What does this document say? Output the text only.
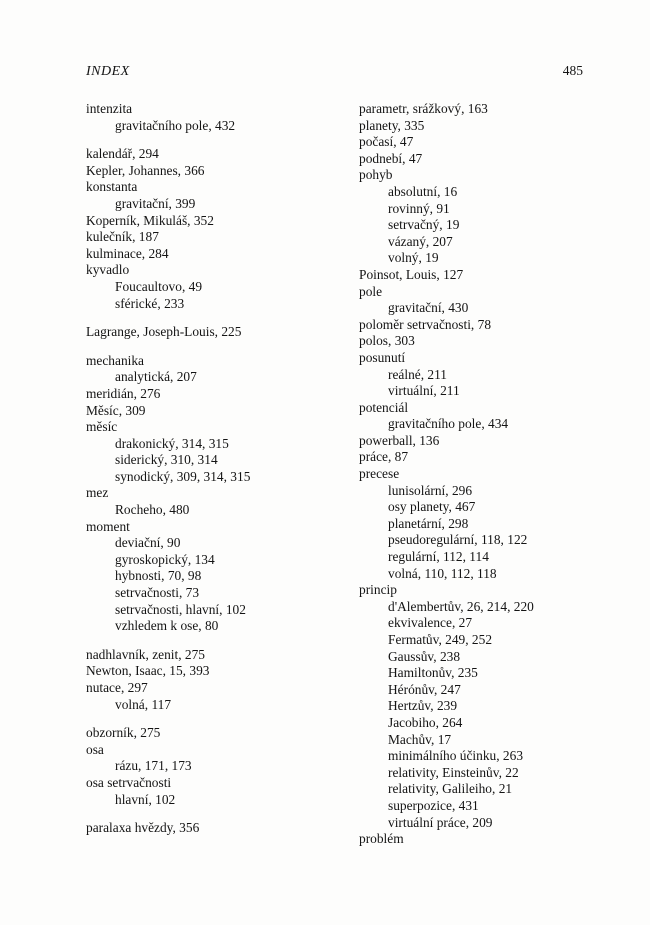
INDEX	485
intenzita
gravitačního pole, 432
kalendář, 294
Kepler, Johannes, 366
konstanta
gravitační, 399
Koperník, Mikuláš, 352
kulečník, 187
kulminace, 284
kyvadlo
Foucaultovo, 49
sférické, 233
Lagrange, Joseph-Louis, 225
mechanika
analytická, 207
meridián, 276
Měsíc, 309
měsíc
drakonický, 314, 315
siderický, 310, 314
synodický, 309, 314, 315
mez
Rocheho, 480
moment
deviační, 90
gyroskopický, 134
hybnosti, 70, 98
setrvačnosti, 73
setrvačnosti, hlavní, 102
vzhledem k ose, 80
nadhlavník, zenit, 275
Newton, Isaac, 15, 393
nutace, 297
volná, 117
obzorník, 275
osa
rázu, 171, 173
osa setrvačnosti
hlavní, 102
paralaxa hvězdy, 356
parametr, srážkový, 163
planety, 335
počasí, 47
podnebí, 47
pohyb
absolutní, 16
rovinný, 91
setrvačný, 19
vázaný, 207
volný, 19
Poinsot, Louis, 127
pole
gravitační, 430
poloměr setrvačnosti, 78
polos, 303
posunutí
reálné, 211
virtuální, 211
potenciál
gravitačního pole, 434
powerball, 136
práce, 87
precese
lunisolární, 296
osy planety, 467
planetární, 298
pseudoregulární, 118, 122
regulární, 112, 114
volná, 110, 112, 118
princip
d'Alembertův, 26, 214, 220
ekvivalence, 27
Fermatův, 249, 252
Gaussův, 238
Hamiltonův, 235
Hérónův, 247
Hertzův, 239
Jacobiho, 264
Machův, 17
minimálního účinku, 263
relativity, Einsteinův, 22
relativity, Galileiho, 21
superpozice, 431
virtuální práce, 209
problém
